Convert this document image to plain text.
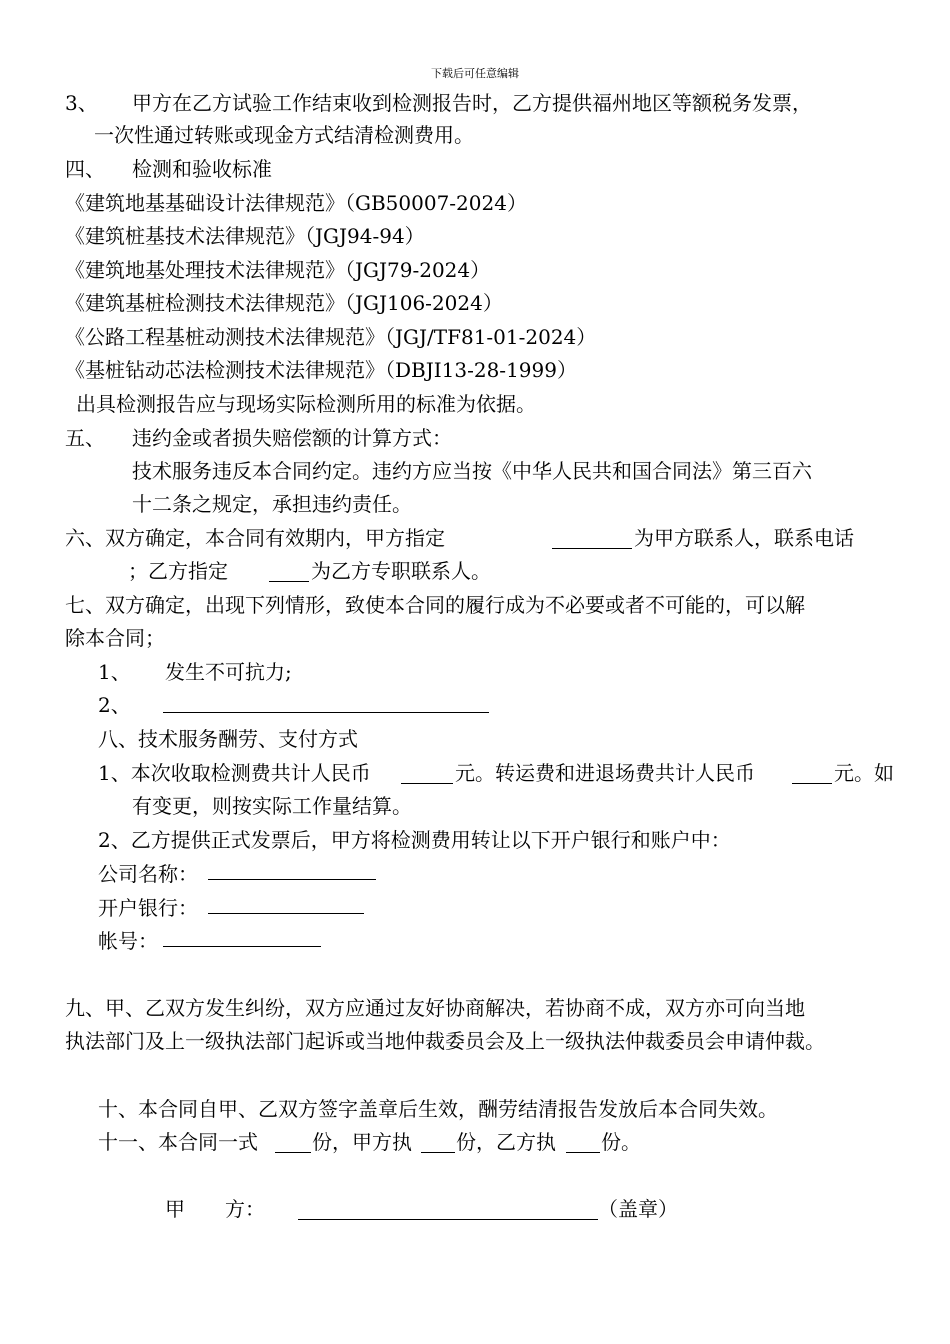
下载后可任意编辑
3、 甲方在乙方试验工作结束收到检测报告时，乙方提供福州地区等额税务发票，
一次性通过转账或现金方式结清检测费用。
四、 检测和验收标准
《建筑地基基础设计法律规范》（GB50007-2024）
《建筑桩基技术法律规范》（JGJ94-94）
《建筑地基处理技术法律规范》（JGJ79-2024）
《建筑基桩检测技术法律规范》（JGJ106-2024）
《公路工程基桩动测技术法律规范》（JGJ/TF81-01-2024）
《基桩钻动芯法检测技术法律规范》（DBJI13-28-1999）
出具检测报告应与现场实际检测所用的标准为依据。
五、 违约金或者损失赔偿额的计算方式：
技术服务违反本合同约定。违约方应当按《中华人民共和国合同法》第三百六
十二条之规定，承担违约责任。
六、双方确定，本合同有效期内，甲方指定	为甲方联系人，联系电话
；乙方指定	为乙方专职联系人。
七、双方确定，出现下列情形，致使本合同的履行成为不必要或者不可能的，可以解
除本合同；
1、 发生不可抗力;
2、
八、技术服务酬劳、支付方式
1、本次收取检测费共计人民币	元。转运费和进退场费共计人民币	元。如
有变更，则按实际工作量结算。
2、乙方提供正式发票后，甲方将检测费用转让以下开户银行和账户中：
公司名称：
开户银行：
帐号：
九、甲、乙双方发生纠纷，双方应通过友好协商解决，若协商不成，双方亦可向当地
执法部门及上一级执法部门起诉或当地仲裁委员会及上一级执法仲裁委员会申请仲裁。
十、本合同自甲、乙双方签字盖章后生效，酬劳结清报告发放后本合同失效。
十一、本合同一式	份，甲方执 份，乙方执 份。
甲　　方：	（盖章）
